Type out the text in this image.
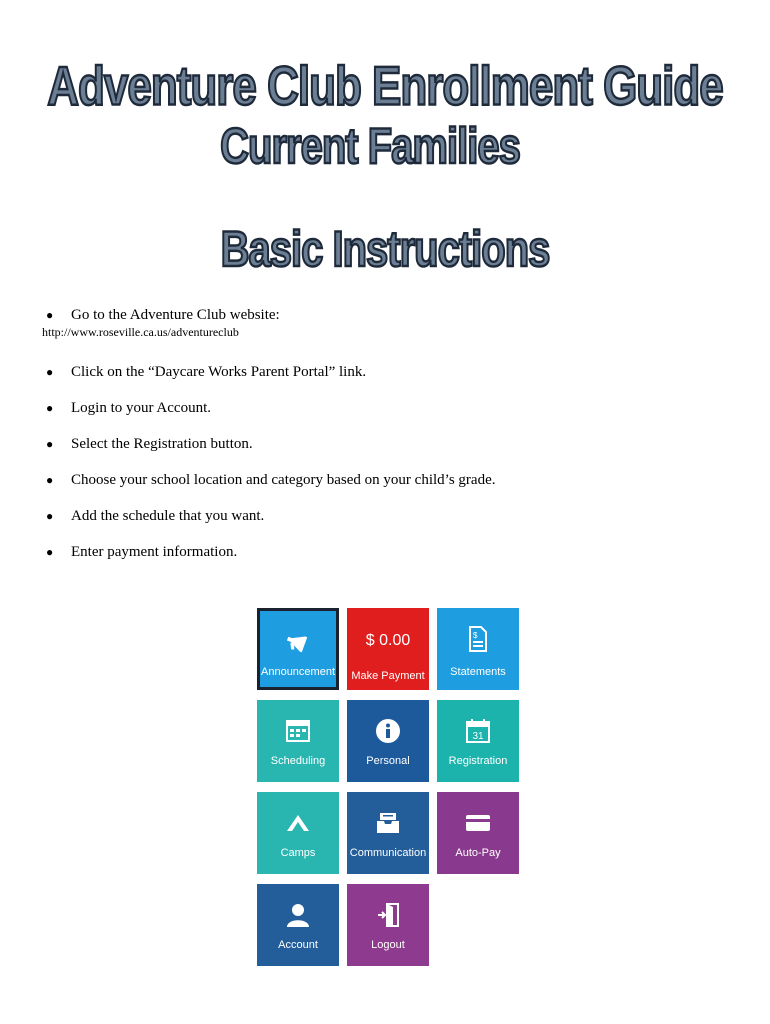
Adventure Club Enrollment Guide
Current Families
Basic Instructions
● Go to the Adventure Club website:
http://www.roseville.ca.us/adventureclub
● Click on the “Daycare Works Parent Portal” link.
● Login to your Account.
● Select the Registration button.
● Choose your school location and category based on your child’s grade.
● Add the schedule that you want.
● Enter payment information.
Announcement
$ 0.00
Make Payment
$
Statements
Scheduling	Personal
31
Registration
Camps	Communication	Auto-Pay
Account	Logout
